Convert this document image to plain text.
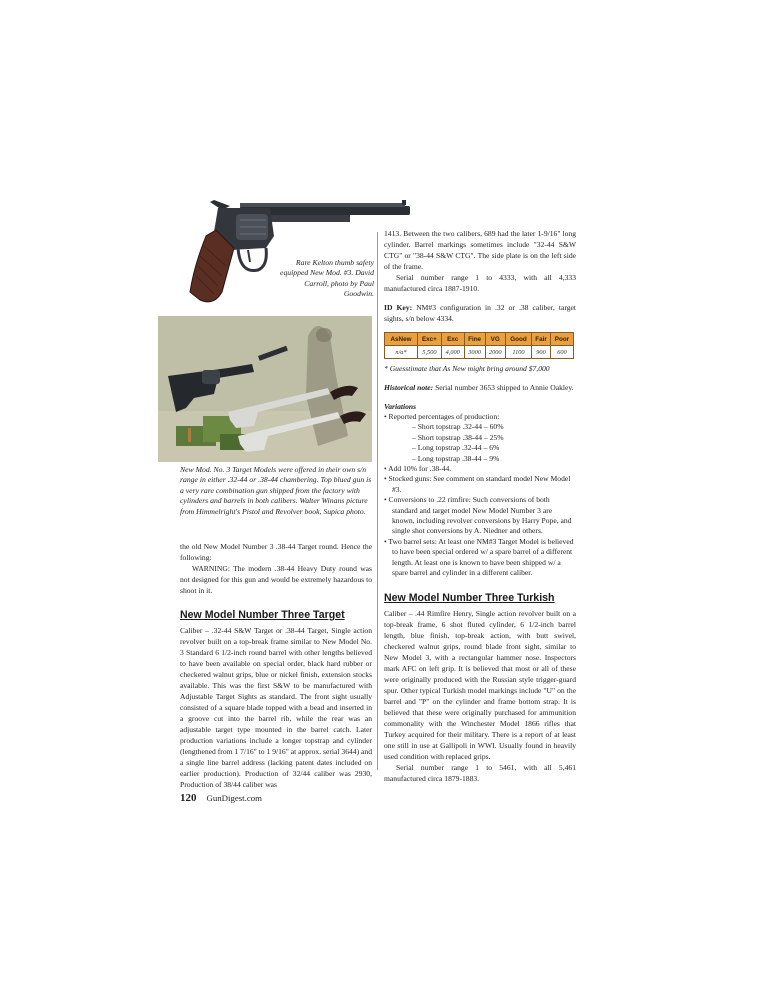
Rare Kelton thumb safety equipped New Mod. #3. David Carroll, photo by Paul Goodwin.
New Mod. No. 3 Target Models were offered in their own s/n range in either .32-44 or .38-44 chambering. Top blued gun is a very rare combination gun shipped from the factory with cylinders and barrels in both calibers. Walter Winans picture from Himmelright's Pistol and Revolver book, Supica photo.

the old New Model Number 3 .38-44 Target round. Hence the following:

WARNING: The modern .38-44 Heavy Duty round was not designed for this gun and would be extremely hazardous to shoot in it.

New Model Number Three Target

Caliber – .32-44 S&W Target or .38-44 Target, Single action revolver built on a top-break frame similar to New Model No. 3 Standard 6 1/2-inch round barrel with other lengths believed to have been available on special order, black hard rubber or checkered walnut grips, blue or nickel finish, extension stocks available. This was the first S&W to be manufactured with Adjustable Target Sights as standard. The front sight usually consisted of a square blade topped with a bead and inserted in a groove cut into the barrel rib, while the rear was an adjustable target type mounted in the barrel catch. Later production variations include a longer topstrap and cylinder (lengthened from 1 7/16" to 1 9/16" at approx. serial 3644) and a single line barrel address (lacking patent dates included on earlier production). Production of 32/44 caliber was 2930, Production of 38/44 caliber was

1413. Between the two calibers, 689 had the later 1-9/16" long cylinder. Barrel markings sometimes include "32-44 S&W CTG" or "38-44 S&W CTG". The side plate is on the left side of the frame.

Serial number range 1 to 4333, with all 4,333 manufactured circa 1887-1910.

ID Key: NM#3 configuration in .32 or .38 caliber, target sights, s/n below 4334.

AsNew	Exc+	Exc	Fine	VG	Good	Fair	Poor
n/a*	5,500	4,000	3000	2000	1100	900	600

* Guesstimate that As New might bring around $7,000

Historical note: Serial number 3653 shipped to Annie Oakley.

Variations

• Reported percentages of production:
– Short topstrap .32-44 – 60%
– Short topstrap .38-44 – 25%
– Long topstrap .32-44 – 6%
– Long topstrap .38-44 – 9%
• Add 10% for .38-44.
• Stocked guns: See comment on standard model New Model #3.
• Conversions to .22 rimfire: Such conversions of both standard and target model New Model Number 3 are known, including revolver conversions by Harry Pope, and single shot conversions by A. Niedner and others.
• Two barrel sets: At least one NM#3 Target Model is believed to have been special ordered w/ a spare barrel of a different length. At least one is known to have been shipped w/ a spare barrel and cylinder in a different caliber.
New Model Number Three Turkish

Caliber – .44 Rimfire Henry, Single action revolver built on a top-break frame, 6 shot fluted cylinder, 6 1/2-inch barrel length, blue finish, top-break action, with butt swivel, checkered walnut grips, round blade front sight, similar to New Model 3, with a rectangular hammer nose. Inspectors mark AFC on left grip. It is believed that most or all of these were originally produced with the Russian style trigger-guard spur. Other typical Turkish model markings include "U" on the barrel and "P" on the cylinder and frame bottom strap. It is believed that these were originally purchased for ammunition commonality with the Winchester Model 1866 rifles that Turkey acquired for their military. There is a report of at least one still in use at Gallipoli in WWI. Usually found in heavily used condition with replaced grips.

Serial number range 1 to 5461, with all 5,461 manufactured circa 1879-1883.

120 GunDigest.com
